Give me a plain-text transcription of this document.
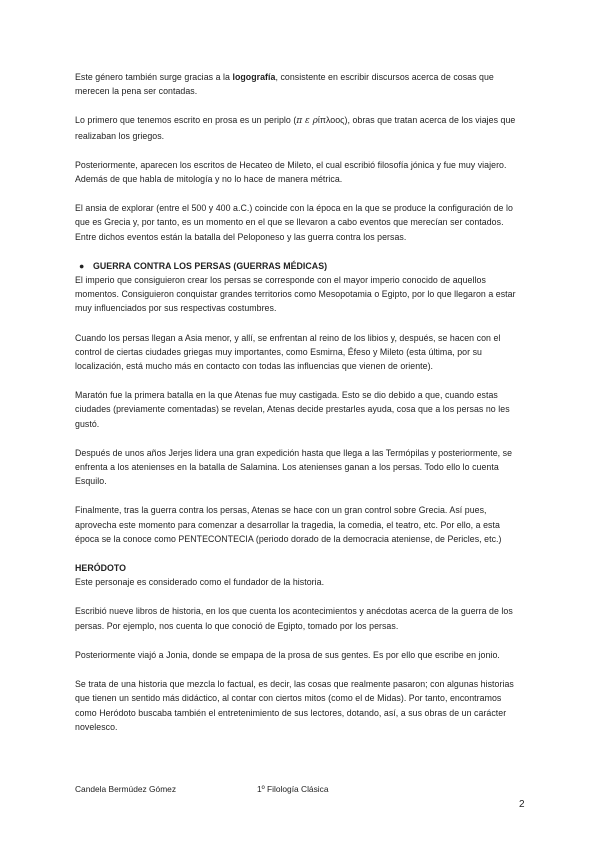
Este género también surge gracias a la logografía, consistente en escribir discursos acerca de cosas que merecen la pena ser contadas.

Lo primero que tenemos escrito en prosa es un periplo (π ε ρίπλοος), obras que tratan acerca de los viajes que realizaban los griegos.

Posteriormente, aparecen los escritos de Hecateo de Mileto, el cual escribió filosofía jónica y fue muy viajero. Además de que habla de mitología y no lo hace de manera métrica.

El ansia de explorar (entre el 500 y 400 a.C.) coincide con la época en la que se produce la configuración de lo que es Grecia y, por tanto, es un momento en el que se llevaron a cabo eventos que merecían ser contados. Entre dichos eventos están la batalla del Peloponeso y las guerra contra los persas.

● GUERRA CONTRA LOS PERSAS (GUERRAS MÉDICAS)

El imperio que consiguieron crear los persas se corresponde con el mayor imperio conocido de aquellos momentos. Consiguieron conquistar grandes territorios como Mesopotamia o Egipto, por lo que llegaron a estar muy influenciados por sus respectivas costumbres.

Cuando los persas llegan a Asia menor, y allí, se enfrentan al reino de los libios y, después, se hacen con el control de ciertas ciudades griegas muy importantes, como Esmirna, Éfeso y Mileto (esta última, por su localización, está mucho más en contacto con todas las influencias que vienen de oriente).

Maratón fue la primera batalla en la que Atenas fue muy castigada. Esto se dio debido a que, cuando estas ciudades (previamente comentadas) se revelan, Atenas decide prestarles ayuda, cosa que a los persas no les gustó.

Después de unos años Jerjes lidera una gran expedición hasta que llega a las Termópilas y posteriormente, se enfrenta a los atenienses en la batalla de Salamina. Los atenienses ganan a los persas. Todo ello lo cuenta Esquilo.

Finalmente, tras la guerra contra los persas, Atenas se hace con un gran control sobre Grecia. Así pues, aprovecha este momento para comenzar a desarrollar la tragedia, la comedia, el teatro, etc. Por ello, a esta época se la conoce como PENTECONTECIA (periodo dorado de la democracia ateniense, de Pericles, etc.)

HERÓDOTO

Este personaje es considerado como el fundador de la historia.

Escribió nueve libros de historia, en los que cuenta los acontecimientos y anécdotas acerca de la guerra de los persas. Por ejemplo, nos cuenta lo que conoció de Egipto, tomado por los persas.

Posteriormente viajó a Jonia, donde se empapa de la prosa de sus gentes. Es por ello que escribe en jonio.

Se trata de una historia que mezcla lo factual, es decir, las cosas que realmente pasaron; con algunas historias que tienen un sentido más didáctico, al contar con ciertos mitos (como el de Midas). Por tanto, encontramos como Heródoto buscaba también el entretenimiento de sus lectores, dotando, así, a sus obras de un carácter novelesco.

Candela Bermúdez Gómez	1º Filología Clásica
2
